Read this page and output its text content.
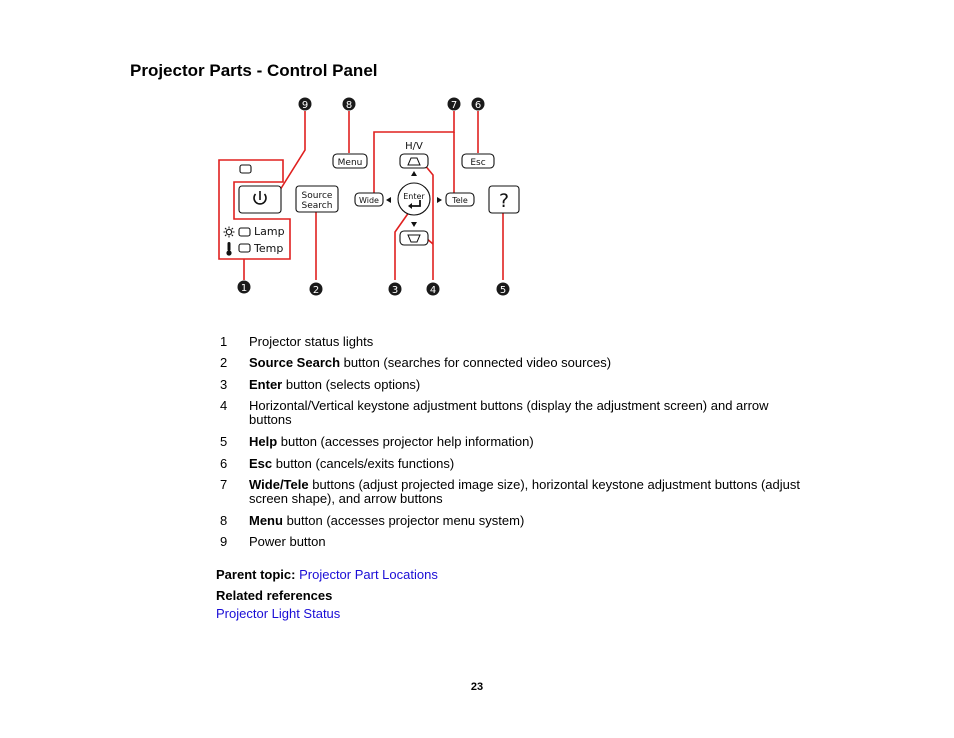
Projector Parts - Control Panel
9	8	7 6
1	2	3	4	5
Menu	Esc
H/V
Source
Search
Wide	Tele
Enter	?
Lamp
Temp
1	Projector status lights
2	Source Search button (searches for connected video sources)
3	Enter button (selects options)
4	Horizontal/Vertical keystone adjustment buttons (display the adjustment screen) and arrow buttons
5	Help button (accesses projector help information)
6	Esc button (cancels/exits functions)
7	Wide/Tele buttons (adjust projected image size), horizontal keystone adjustment buttons (adjust screen shape), and arrow buttons
8	Menu button (accesses projector menu system)
9	Power button
Parent topic: Projector Part Locations
Related references
Projector Light Status
23
